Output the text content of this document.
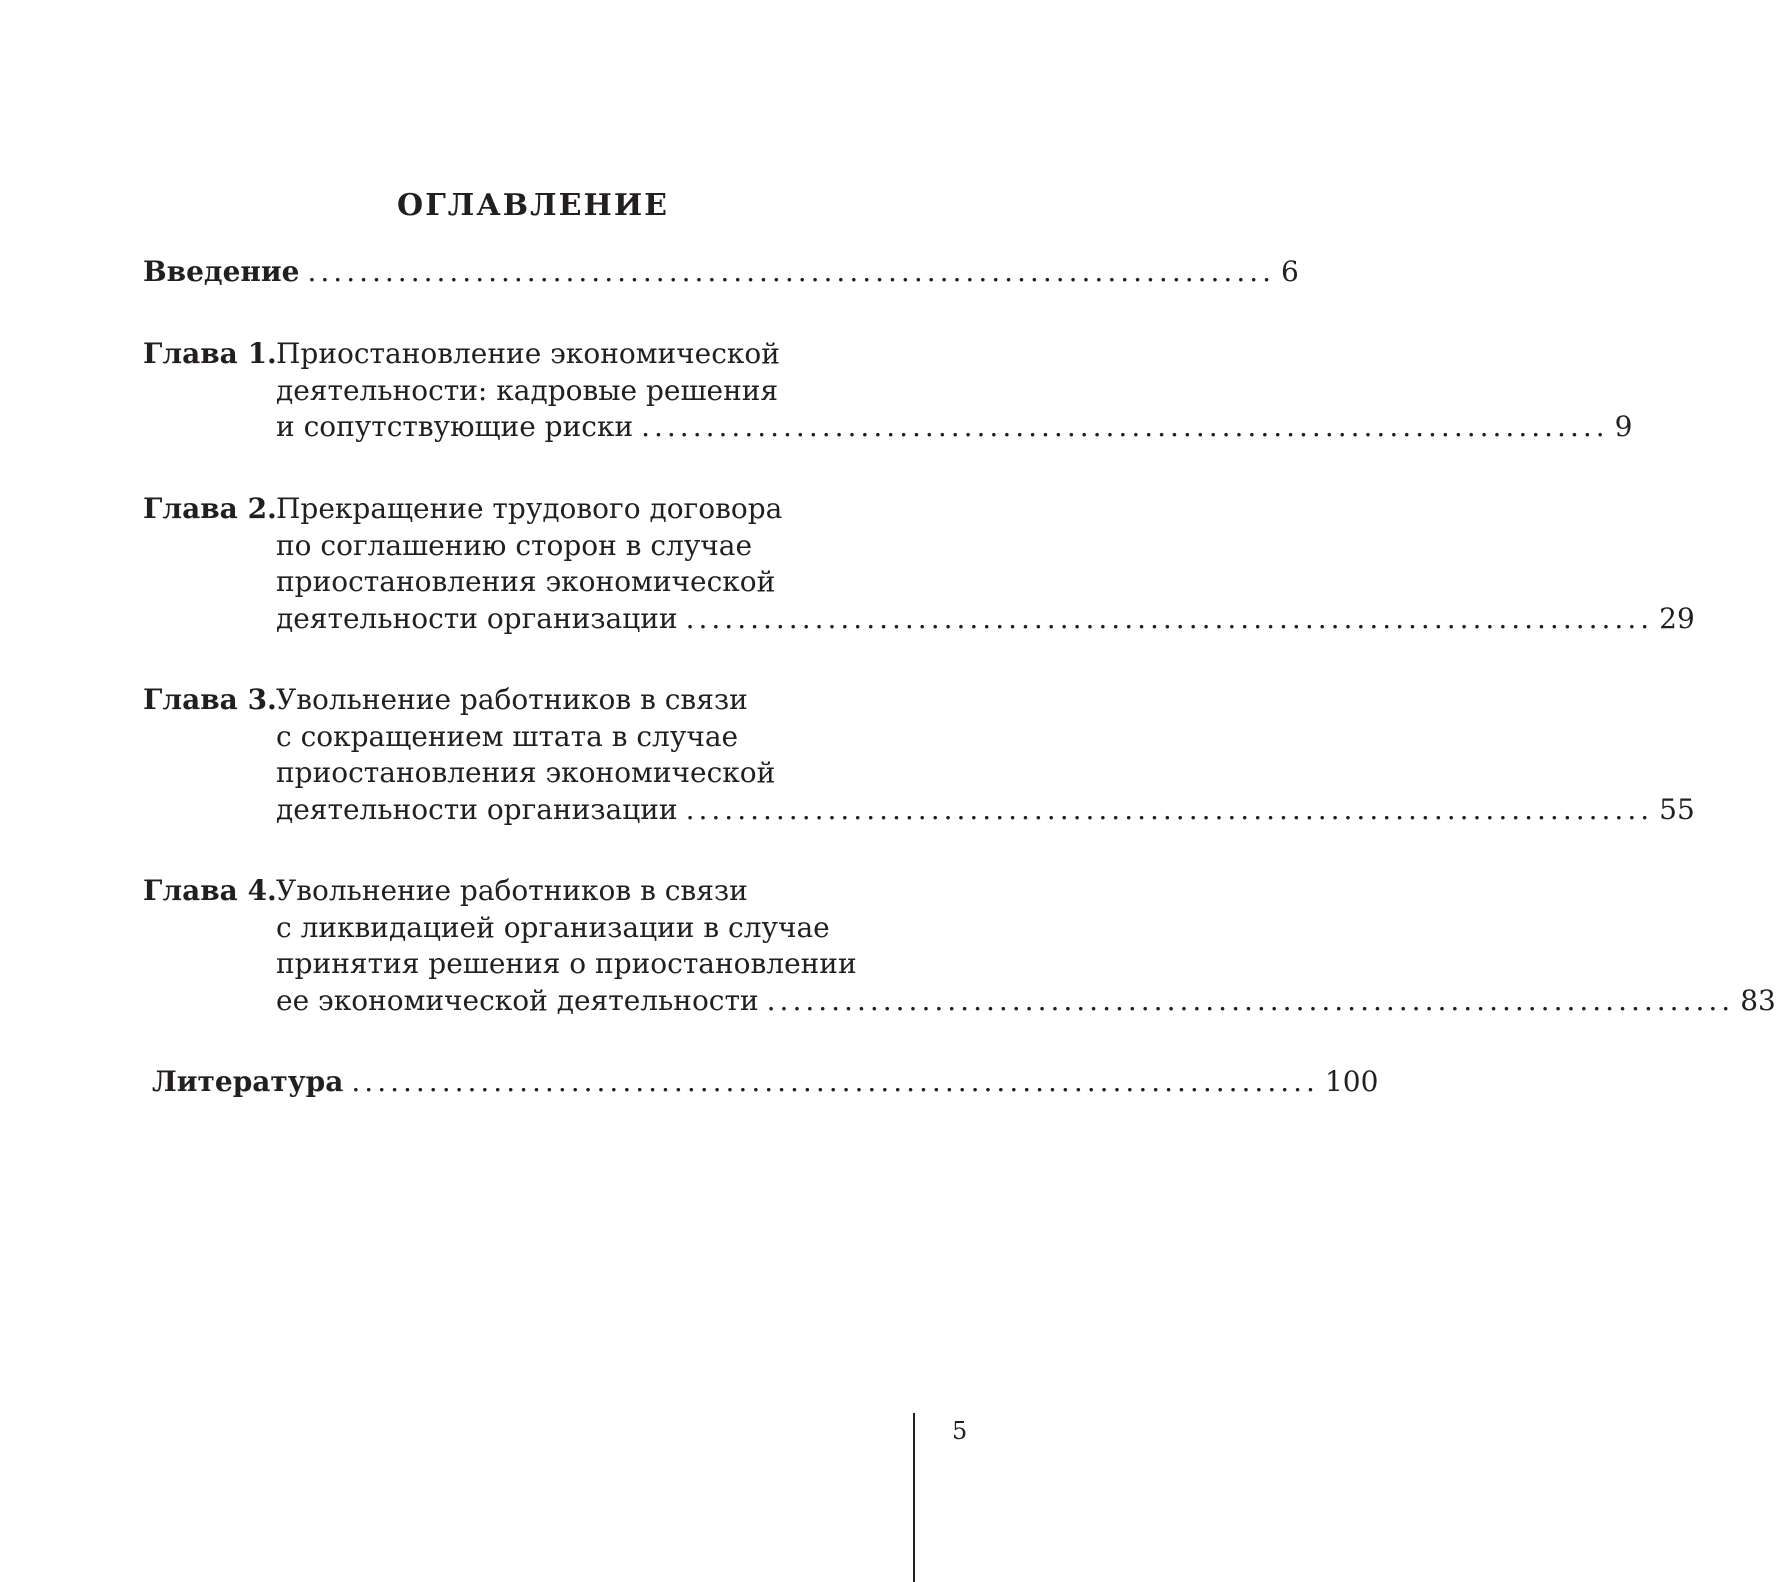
ОГЛАВЛЕНИЕ
Введение ........................................................................... 6
Глава 1. Приостановление экономической
деятельности: кадровые решения
и сопутствующие риски ........................................................................... 9
Глава 2. Прекращение трудового договора
по соглашению сторон в случае
приостановления экономической
деятельности организации ........................................................................... 29
Глава 3. Увольнение работников в связи
с сокращением штата в случае
приостановления экономической
деятельности организации ........................................................................... 55
Глава 4. Увольнение работников в связи
с ликвидацией организации в случае
принятия решения о приостановлении
ее экономической деятельности ........................................................................... 83
Литература ........................................................................... 100
5
